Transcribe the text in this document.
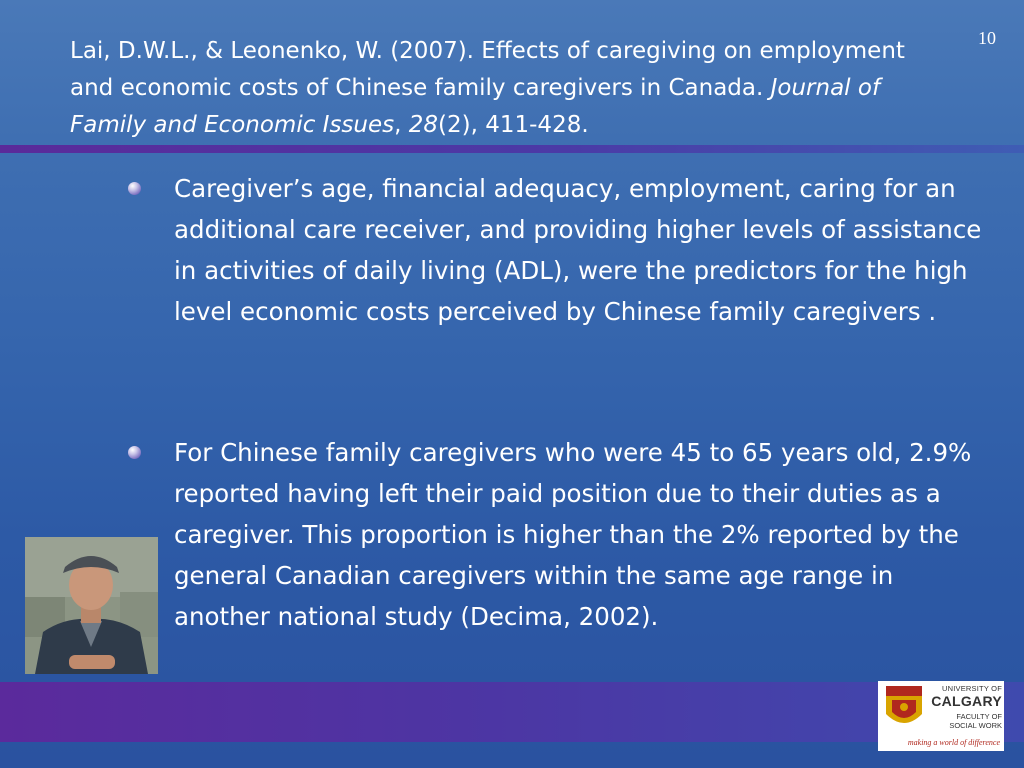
10
Lai, D.W.L., & Leonenko, W. (2007). Effects of caregiving on employment and economic costs of Chinese family caregivers in Canada. Journal of Family and Economic Issues, 28(2), 411-428.
Caregiver’s age, financial adequacy, employment, caring for an additional care receiver, and providing higher levels of assistance in activities of daily living (ADL), were the predictors for the high level economic costs perceived by Chinese family caregivers .
For Chinese family caregivers who were 45 to 65 years old, 2.9% reported having left their paid position due to their duties as a caregiver. This proportion is higher than the 2% reported by the general Canadian caregivers within the same age range in another national study (Decima, 2002).
UNIVERSITY OF
CALGARY
FACULTY OF
SOCIAL WORK
making a world of difference
